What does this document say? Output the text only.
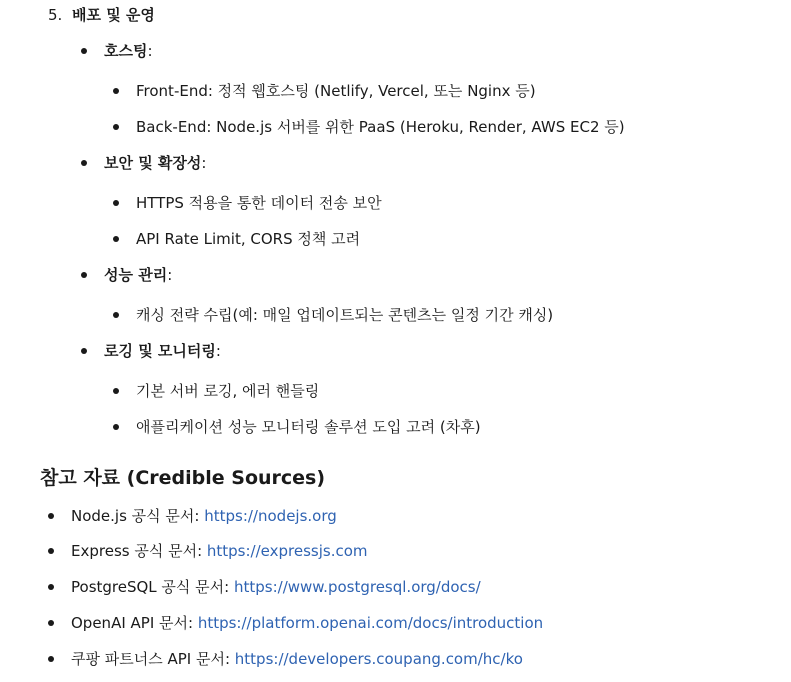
5. 배포 및 운영
호스팅:
Front-End: 정적 웹호스팅 (Netlify, Vercel, 또는 Nginx 등)
Back-End: Node.js 서버를 위한 PaaS (Heroku, Render, AWS EC2 등)
보안 및 확장성:
HTTPS 적용을 통한 데이터 전송 보안
API Rate Limit, CORS 정책 고려
성능 관리:
캐싱 전략 수립(예: 매일 업데이트되는 콘텐츠는 일정 기간 캐싱)
로깅 및 모니터링:
기본 서버 로깅, 에러 핸들링
애플리케이션 성능 모니터링 솔루션 도입 고려 (차후)
참고 자료 (Credible Sources)
Node.js 공식 문서: https://nodejs.org
Express 공식 문서: https://expressjs.com
PostgreSQL 공식 문서: https://www.postgresql.org/docs/
OpenAI API 문서: https://platform.openai.com/docs/introduction
쿠팡 파트너스 API 문서: https://developers.coupang.com/hc/ko
